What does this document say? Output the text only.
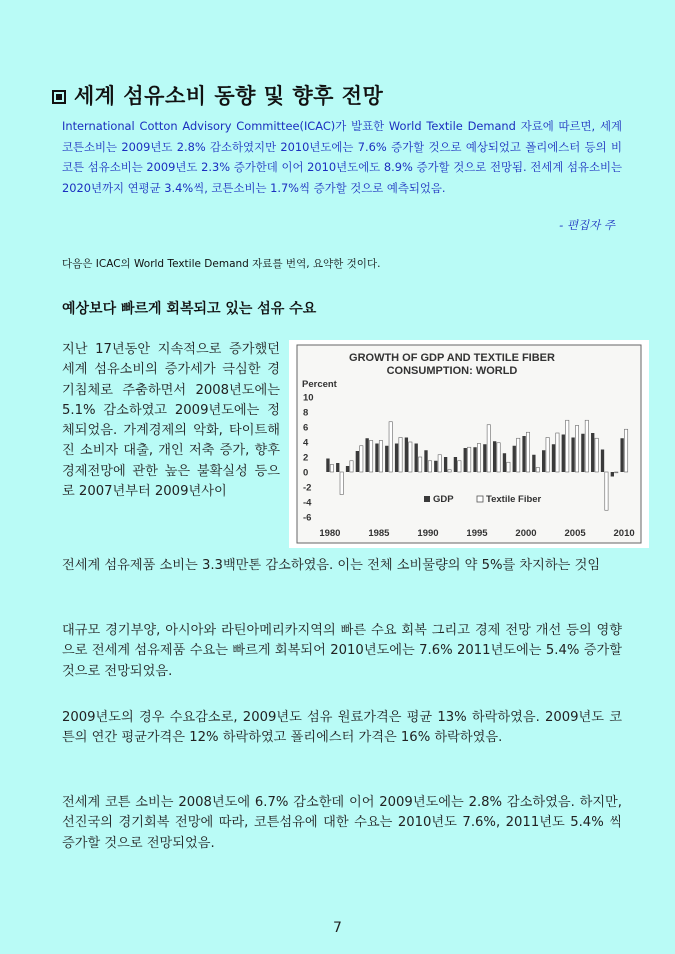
세계 섬유소비 동향 및 향후 전망
International Cotton Advisory Committee(ICAC)가 발표한 World Textile Demand 자료에 따르면, 세계 코튼소비는 2009년도 2.8% 감소하였지만 2010년도에는 7.6% 증가할 것으로 예상되었고 폴리에스터 등의 비코튼 섬유소비는 2009년도 2.3% 증가한데 이어 2010년도에도 8.9% 증가할 것으로 전망됨. 전세계 섬유소비는 2020년까지 연평균 3.4%씩, 코튼소비는 1.7%씩 증가할 것으로 예측되었음.
- 편집자 주
다음은 ICAC의 World Textile Demand 자료를 번역, 요약한 것이다.
예상보다 빠르게 회복되고 있는 섬유 수요
지난 17년동안 지속적으로 증가했던 세계 섬유소비의 증가세가 극심한 경기침체로 주춤하면서 2008년도에는 5.1% 감소하였고 2009년도에는 정체되었음. 가계경제의 악화, 타이트해진 소비자 대출, 개인 저축 증가, 향후 경제전망에 관한 높은 불확실성 등으로 2007년부터 2009년사이
GROWTH OF GDP AND TEXTILE FIBER
CONSUMPTION: WORLD
Percent
10
8
6
4
2
0
-2
-4
-6
1980	1985	1990	1995	2000	2005	2010
GDP	Textile Fiber
전세계 섬유제품 소비는 3.3백만톤 감소하였음. 이는 전체 소비물량의 약 5%를 차지하는 것임
대규모 경기부양, 아시아와 라틴아메리카지역의 빠른 수요 회복 그리고 경제 전망 개선 등의 영향으로 전세계 섬유제품 수요는 빠르게 회복되어 2010년도에는 7.6% 2011년도에는 5.4% 증가할 것으로 전망되었음.
2009년도의 경우 수요감소로, 2009년도 섬유 원료가격은 평균 13% 하락하였음. 2009년도 코튼의 연간 평균가격은 12% 하락하였고 폴리에스터 가격은 16% 하락하였음.
전세계 코튼 소비는 2008년도에 6.7% 감소한데 이어 2009년도에는 2.8% 감소하였음. 하지만, 선진국의 경기회복 전망에 따라, 코튼섬유에 대한 수요는 2010년도 7.6%, 2011년도 5.4% 씩 증가할 것으로 전망되었음.
7
